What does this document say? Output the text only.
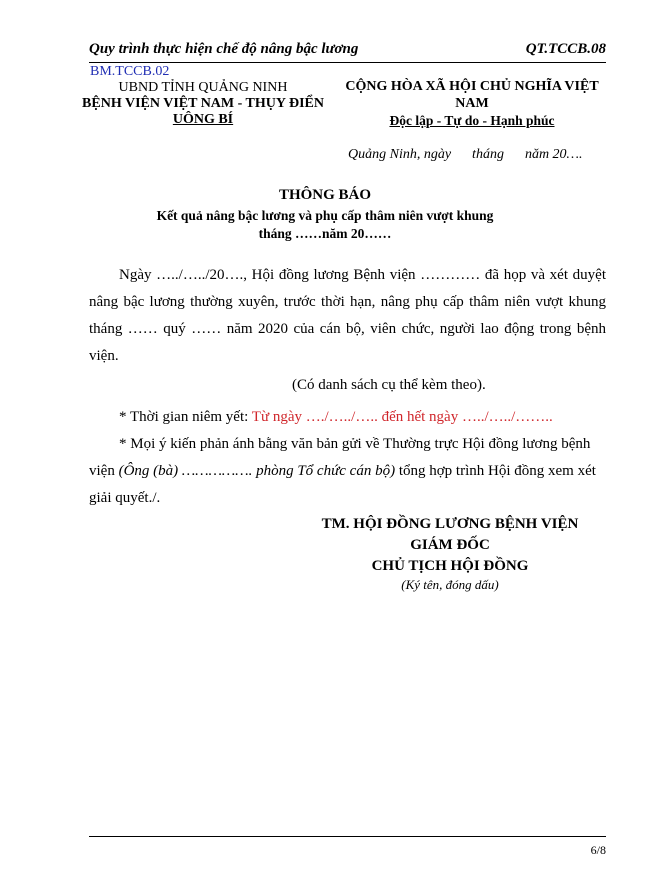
Quy trình thực hiện chế độ nâng bậc lương	QT.TCCB.08
BM.TCCB.02
UBND TỈNH QUẢNG NINH
BỆNH VIỆN VIỆT NAM - THỤY ĐIỂN
UÔNG BÍ
CỘNG HÒA XÃ HỘI CHỦ NGHĨA VIỆT NAM
Độc lập - Tự do - Hạnh phúc
Quảng Ninh, ngày      tháng      năm 20….
THÔNG BÁO
Kết quả nâng bậc lương và phụ cấp thâm niên vượt khung
tháng ……năm 20……
Ngày …../…../20…., Hội đồng lương Bệnh viện ………… đã họp và xét duyệt nâng bậc lương thường xuyên, trước thời hạn, nâng phụ cấp thâm niên vượt khung tháng …… quý …… năm 2020 của cán bộ, viên chức, người lao động trong bệnh viện.
(Có danh sách cụ thể kèm theo).
* Thời gian niêm yết: Từ ngày …./…../….. đến hết ngày …../…../……..
* Mọi ý kiến phản ánh bằng văn bản gửi về Thường trực Hội đồng lương bệnh viện (Ông (bà) ……………. phòng Tổ chức cán bộ) tổng hợp trình Hội đồng xem xét giải quyết./.
TM. HỘI ĐỒNG LƯƠNG BỆNH VIỆN
GIÁM ĐỐC
CHỦ TỊCH HỘI ĐỒNG
(Ký tên, đóng dấu)
6/8
